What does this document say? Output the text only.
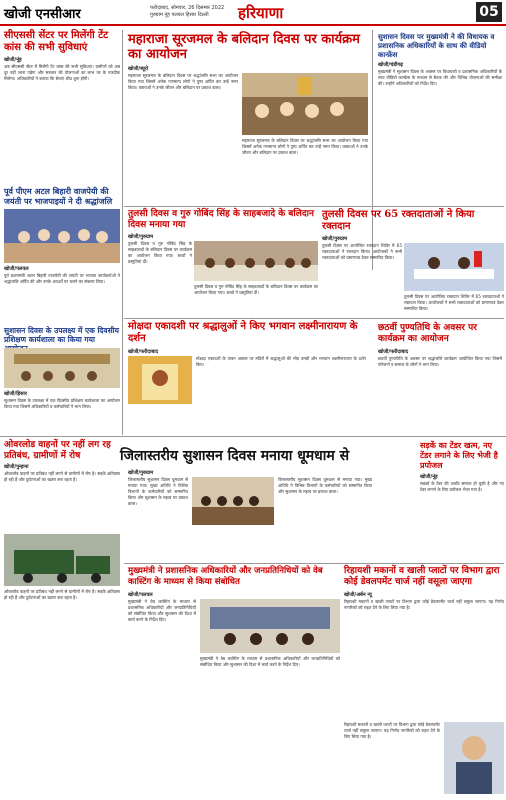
खोजी एनसीआर	फरीदाबाद, सोमवार, 26 दिसम्बर 2022
गुरुग्राम नूंह पलवल हिसार दिल्ली	हरियाणा	05
सीएससी सेंटर पर मिलेंगी टेंट कांस की सभी सुविधाएं
खोजी/नूंह
अब सीएससी सेंटर में मिलेंगी टेंट कांस की सभी सुविधाएं। ग्रामीणों को अब दूर नहीं जाना पड़ेगा और सरकार की योजनाओं का लाभ घर के नजदीक मिलेगा। अधिकारियों ने बताया कि सेवाएं शीघ्र शुरू होंगी।
पूर्व पीएम अटल बिहारी वाजपेयी की जयंती पर भाजपाइयों ने दी श्रद्धांजलि
खोजी/पलवल
पूर्व प्रधानमंत्री अटल बिहारी वाजपेयी की जयंती पर भाजपा कार्यकर्ताओं ने श्रद्धांजलि अर्पित की और उनके आदर्शों पर चलने का संकल्प लिया।
सुशासन दिवस के उपलक्ष्य में एक दिवसीय प्रशिक्षण कार्यशाला का किया गया
खोजी/हिसार
सुशासन दिवस के उपलक्ष्य में एक दिवसीय प्रशिक्षण कार्यशाला का आयोजन किया गया जिसमें अधिकारियों व कर्मचारियों ने भाग लिया।
महाराजा सूरजमल के बलिदान दिवस पर कार्यक्रम का आयोजन
खोजी/ब्यूरो
महाराजा सूरजमल के बलिदान दिवस पर श्रद्धांजलि सभा का आयोजन किया गया जिसमें अनेक गणमान्य लोगों ने पुष्प अर्पित कर उन्हें नमन किया। वक्ताओं ने उनके जीवन और बलिदान पर प्रकाश डाला।
महाराजा सूरजमल के बलिदान दिवस पर श्रद्धांजलि सभा का आयोजन किया गया जिसमें अनेक गणमान्य लोगों ने पुष्प अर्पित कर उन्हें नमन किया। वक्ताओं ने उनके जीवन और बलिदान पर प्रकाश डाला।
सुशासन दिवस पर मुख्यमंत्री ने की विधायक व प्रशासनिक अधिकारियों के साथ की वीडियो कान्फ्रेंस
खोजी/चंडीगढ़
मुख्यमंत्री ने सुशासन दिवस के अवसर पर विधायकों व प्रशासनिक अधिकारियों के साथ वीडियो कान्फ्रेंस के माध्यम से बैठक की और विभिन्न योजनाओं की समीक्षा की। उन्होंने अधिकारियों को निर्देश दिए।
तुलसी दिवस व गुरु गोबिंद सिंह के साहबजादे के बलिदान दिवस मनाया गया
खोजी/गुरुग्राम
तुलसी दिवस व गुरु गोबिंद सिंह के साहबजादों के बलिदान दिवस पर कार्यक्रम का आयोजन किया गया। बच्चों ने प्रस्तुतियां दीं।
तुलसी दिवस व गुरु गोबिंद सिंह के साहबजादों के बलिदान दिवस पर कार्यक्रम का आयोजन किया गया। बच्चों ने प्रस्तुतियां दीं।
तुलसी दिवस पर 65 रक्तदाताओं ने किया रक्तदान
खोजी/गुरुग्राम
तुलसी दिवस पर आयोजित रक्तदान शिविर में 65 रक्तदाताओं ने रक्तदान किया। आयोजकों ने सभी रक्तदाताओं को प्रमाणपत्र देकर सम्मानित किया।
तुलसी दिवस पर आयोजित रक्तदान शिविर में 65 रक्तदाताओं ने रक्तदान किया। आयोजकों ने सभी रक्तदाताओं को प्रमाणपत्र देकर सम्मानित किया।
मोक्षदा एकादशी पर श्रद्धालुओं ने किए भगवान लक्ष्मीनारायण के दर्शन
खोजी/फरीदाबाद
मोक्षदा एकादशी के पावन अवसर पर मंदिरों में श्रद्धालुओं की भीड़ उमड़ी और भगवान लक्ष्मीनारायण के दर्शन किए।
छठवीं पुण्यतिथि के अवसर पर कार्यक्रम का आयोजन
खोजी/फरीदाबाद
छठवीं पुण्यतिथि के अवसर पर श्रद्धांजलि कार्यक्रम आयोजित किया गया जिसमें परिजनों व समाज के लोगों ने भाग लिया।
जिलास्तरीय सुशासन दिवस मनाया धूमधाम से
खोजी/गुरुग्राम
जिलास्तरीय सुशासन दिवस धूमधाम से मनाया गया। मुख्य अतिथि ने विभिन्न विभागों के कर्मचारियों को सम्मानित किया और सुशासन के महत्व पर प्रकाश डाला।
जिलास्तरीय सुशासन दिवस धूमधाम से मनाया गया। मुख्य अतिथि ने विभिन्न विभागों के कर्मचारियों को सम्मानित किया और सुशासन के महत्व पर प्रकाश डाला।
ओवरलोड वाहनों पर नहीं लग रह प्रतिबंध, ग्रामीणों में रोष
खोजी/पुन्हाना
ओवरलोड वाहनों पर प्रतिबंध नहीं लगने से ग्रामीणों में रोष है। सड़कें क्षतिग्रस्त हो रही हैं और दुर्घटनाओं का खतरा बना रहता है।
ओवरलोड वाहनों पर प्रतिबंध नहीं लगने से ग्रामीणों में रोष है। सड़कें क्षतिग्रस्त हो रही हैं और दुर्घटनाओं का खतरा बना रहता है।
सड़कें का टेंडर खत्म, नए टेंडर लगाने के लिए भेजी है प्रपोजल
खोजी/नूंह
सड़कों के टेंडर की अवधि समाप्त हो चुकी है और नए टेंडर लगाने के लिए प्रपोजल भेजा गया है।
मुख्यमंत्री ने प्रशासनिक अधिकारियों और जनप्रतिनिधियों को वेब कास्टिंग के माध्यम से किया संबोधित
खोजी/पलवल
मुख्यमंत्री ने वेब कास्टिंग के माध्यम से प्रशासनिक अधिकारियों और जनप्रतिनिधियों को संबोधित किया और सुशासन की दिशा में कार्य करने के निर्देश दिए।
मुख्यमंत्री ने वेब कास्टिंग के माध्यम से प्रशासनिक अधिकारियों और जनप्रतिनिधियों को संबोधित किया और सुशासन की दिशा में कार्य करने के निर्देश दिए।
रिहायशी मकानों व खाली प्लाटों पर विभाग द्वारा कोई डेवलपमेंट चार्ज नहीं वसूला जाएगा
खोजी/अर्बन न्यू
रिहायशी मकानों व खाली प्लाटों पर विभाग द्वारा कोई डेवलपमेंट चार्ज नहीं वसूला जाएगा। यह निर्णय नागरिकों को राहत देने के लिए लिया गया है।
रिहायशी मकानों व खाली प्लाटों पर विभाग द्वारा कोई डेवलपमेंट चार्ज नहीं वसूला जाएगा। यह निर्णय नागरिकों को राहत देने के लिए लिया गया है।
